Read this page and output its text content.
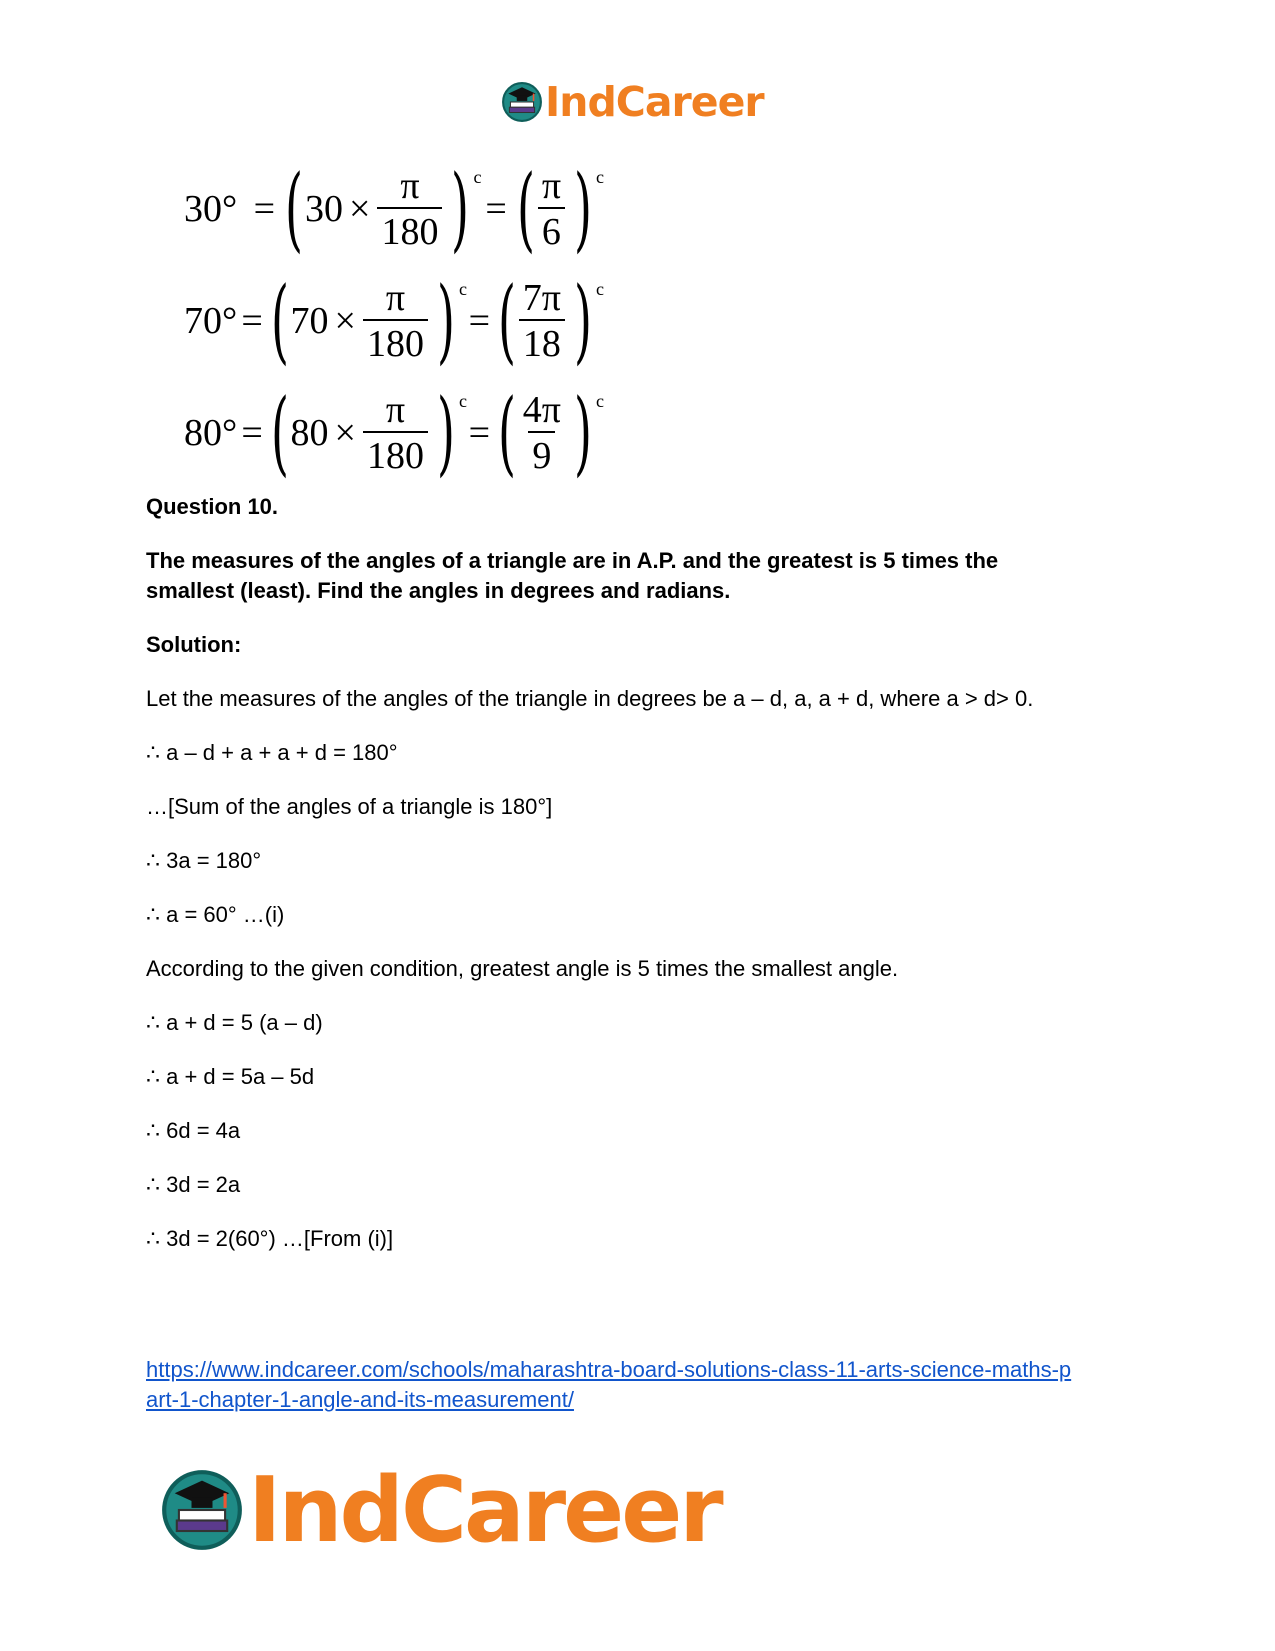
IndCareer
30° = ( $30 \times \frac{\pi}{180}$ ) c
= ( $\frac{\pi}{6}$ ) c
70° = ( $70 \times \frac{\pi}{180}$ ) c
= ( $\frac{7\pi}{18}$ ) c
80° = ( $80 \times \frac{\pi}{180}$ ) c
= ( $\frac{4\pi}{9}$ ) c

Question 10.

The measures of the angles of a triangle are in A.P. and the greatest is 5 times the

smallest (least). Find the angles in degrees and radians.

Solution:

Let the measures of the angles of the triangle in degrees be a – d, a, a + d, where a > d> 0.

∴ a – d + a + a + d = 180°

…[Sum of the angles of a triangle is 180°]

∴ 3a = 180°

∴ a = 60° …(i)

According to the given condition, greatest angle is 5 times the smallest angle.

∴ a + d = 5 (a – d)

∴ a + d = 5a – 5d

∴ 6d = 4a

∴ 3d = 2a

∴ 3d = 2(60°) …[From (i)]

https://www.indcareer.com/schools/maharashtra-board-solutions-class-11-arts-science-maths-p
art-1-chapter-1-angle-and-its-measurement/
IndCareer
